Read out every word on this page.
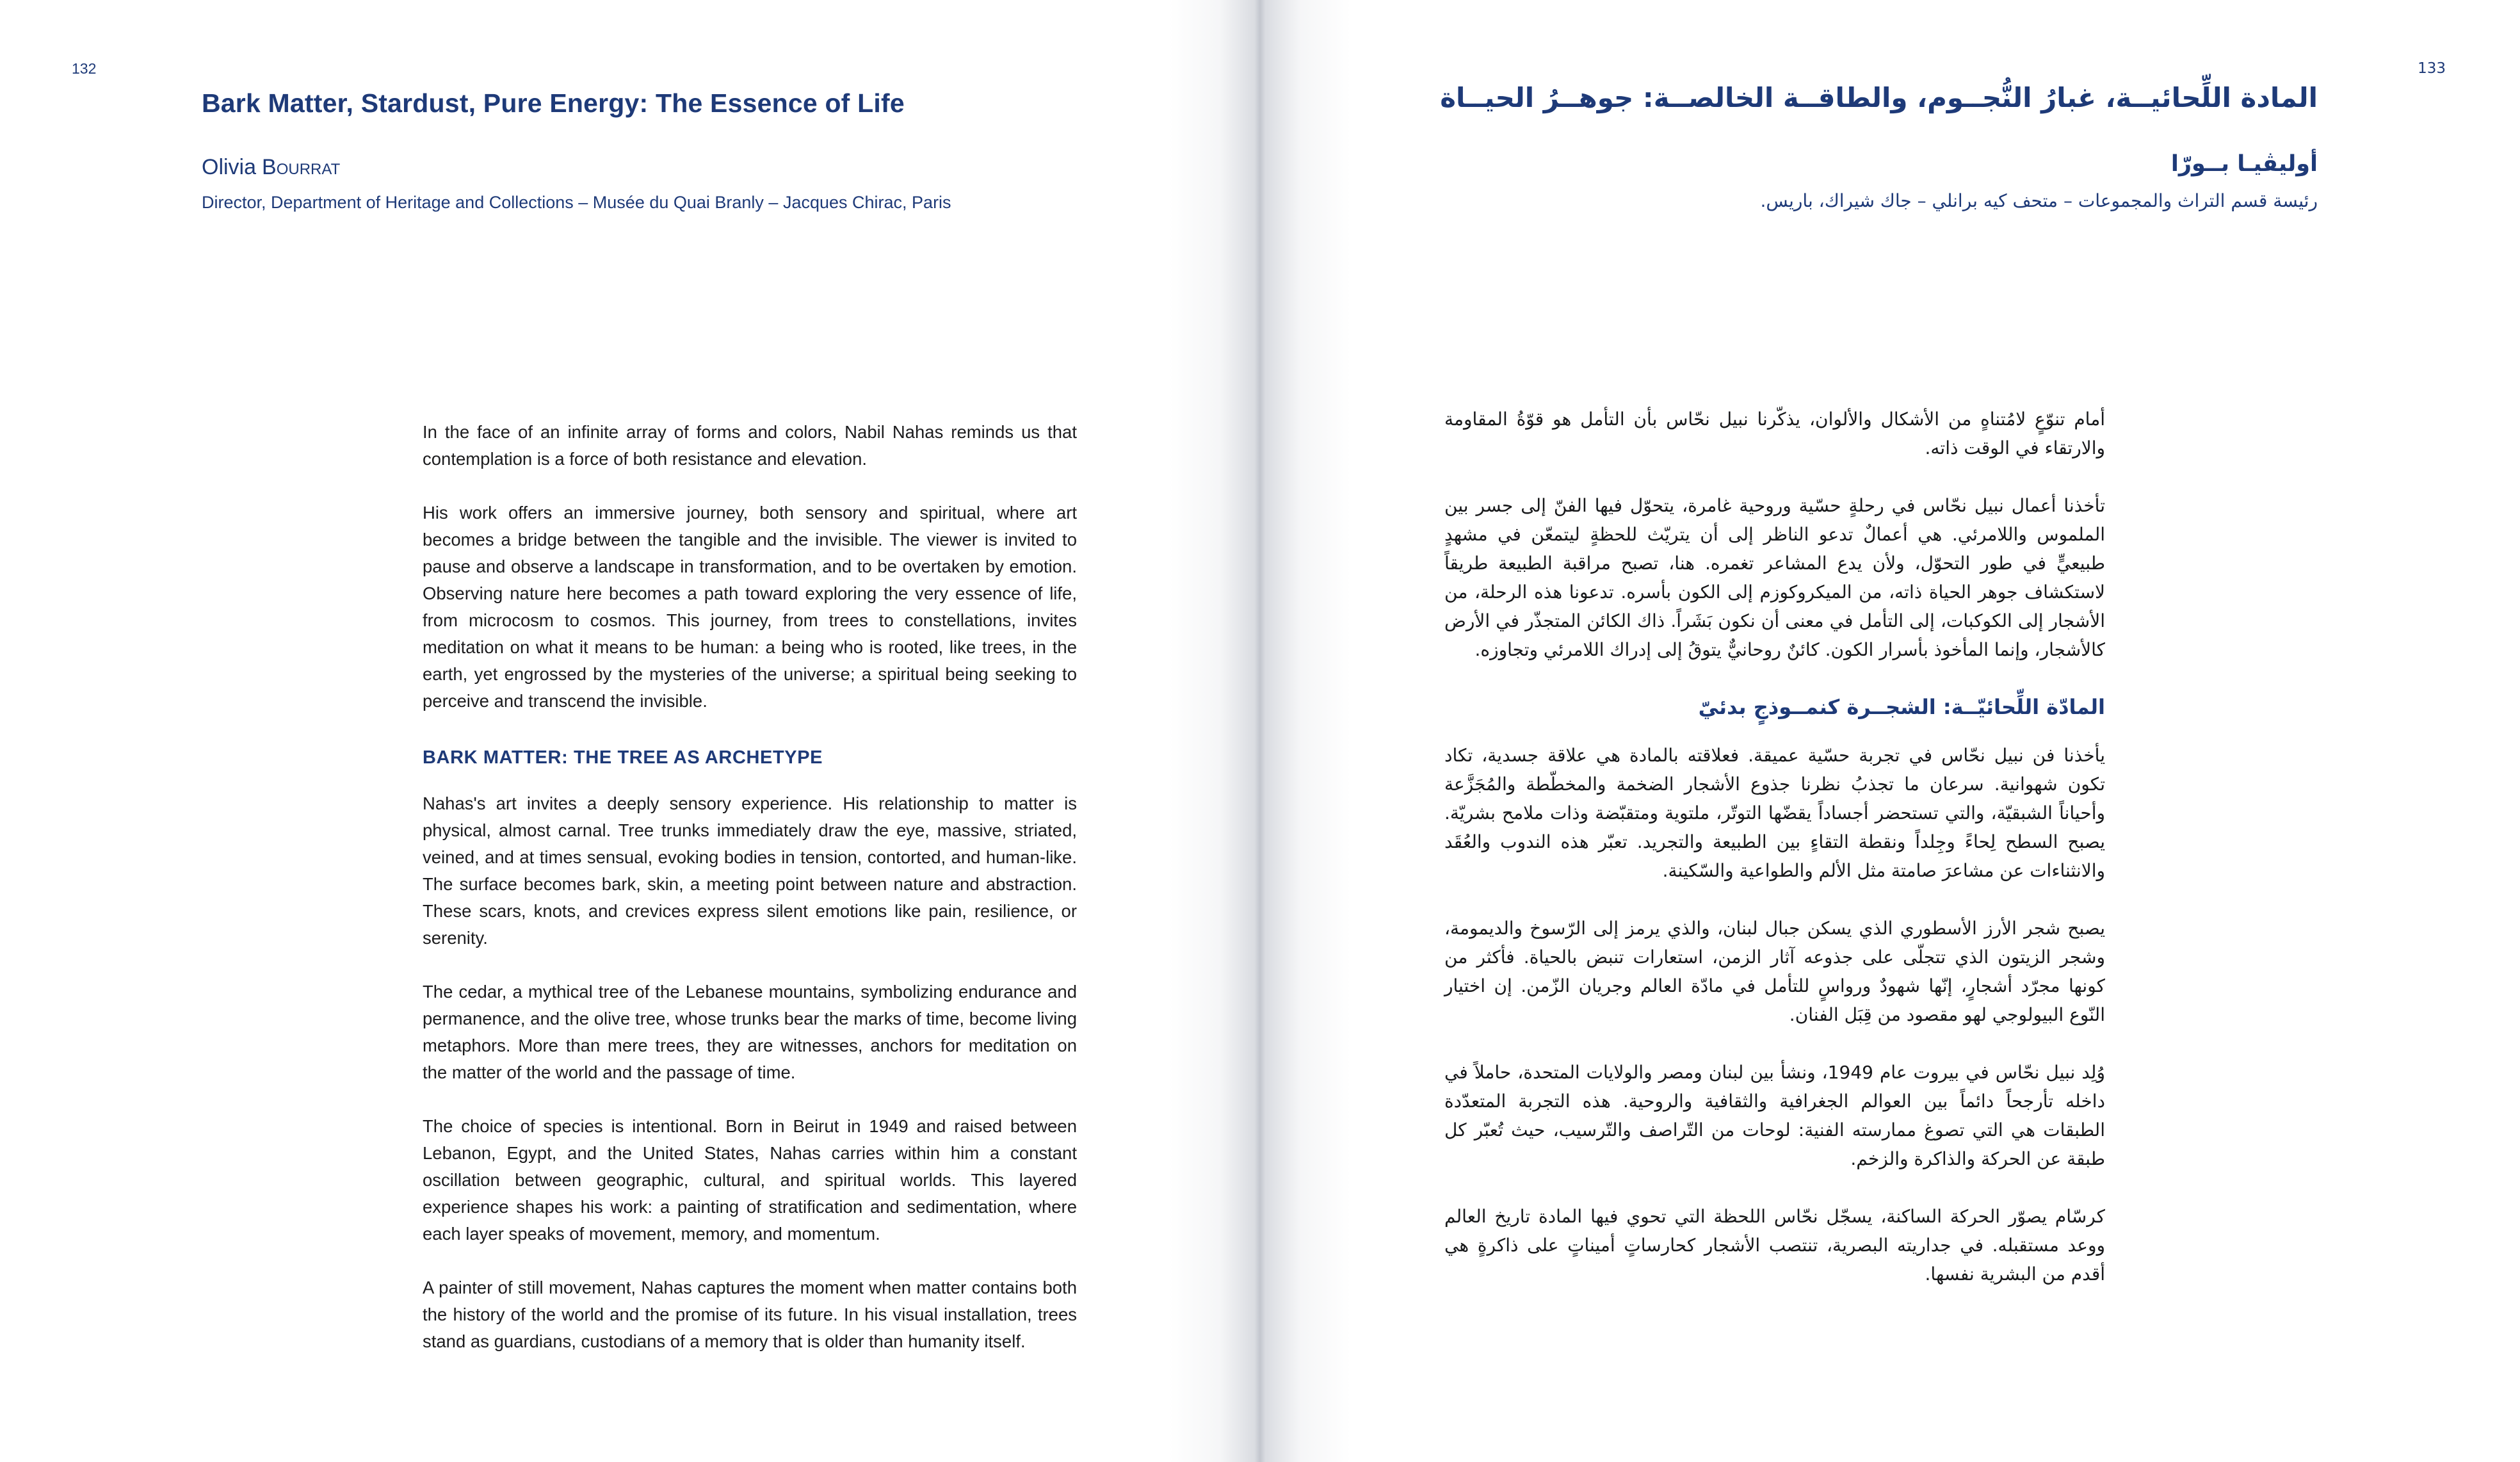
132
Bark Matter, Stardust, Pure Energy: The Essence of Life
Olivia Bourrat
Director, Department of Heritage and Collections – Musée du Quai Branly – Jacques Chirac, Paris

In the face of an infinite array of forms and colors, Nabil Nahas reminds us that contemplation is a force of both resistance and elevation.

His work offers an immersive journey, both sensory and spiritual, where art becomes a bridge between the tangible and the invisible. The viewer is invited to pause and observe a landscape in transformation, and to be overtaken by emotion. Observing nature here becomes a path toward exploring the very essence of life, from microcosm to cosmos. This journey, from trees to constellations, invites meditation on what it means to be human: a being who is rooted, like trees, in the earth, yet engrossed by the mysteries of the universe; a spiritual being seeking to perceive and transcend the invisible.

BARK MATTER: THE TREE AS ARCHETYPE

Nahas's art invites a deeply sensory experience. His relationship to matter is physical, almost carnal. Tree trunks immediately draw the eye, massive, striated, veined, and at times sensual, evoking bodies in tension, contorted, and human-like. The surface becomes bark, skin, a meeting point between nature and abstraction. These scars, knots, and crevices express silent emotions like pain, resilience, or serenity.

The cedar, a mythical tree of the Lebanese mountains, symbolizing endurance and permanence, and the olive tree, whose trunks bear the marks of time, become living metaphors. More than mere trees, they are witnesses, anchors for meditation on the matter of the world and the passage of time.

The choice of species is intentional. Born in Beirut in 1949 and raised between Lebanon, Egypt, and the United States, Nahas carries within him a constant oscillation between geographic, cultural, and spiritual worlds. This layered experience shapes his work: a painting of stratification and sedimentation, where each layer speaks of movement, memory, and momentum.

A painter of still movement, Nahas captures the moment when matter contains both the history of the world and the promise of its future. In his visual installation, trees stand as guardians, custodians of a memory that is older than humanity itself.

133
المادة اللِّحائيــة، غبارُ النُّجــوم، والطاقــة الخالصــة: جوهــرُ الحيــاة
أوليڤيـا بــورّا
رئيسة قسم التراث والمجموعات – متحف كيه برانلي – جاك شيراك، باريس.

أمام تنوّعٍ لامُتناهٍ من الأشكال والألوان، يذكّرنا نبيل نحّاس بأن التأمل هو قوّةُ المقاومة والارتقاء في الوقت ذاته.

تأخذنا أعمال نبيل نحّاس في رحلةٍ حسّية وروحية غامرة، يتحوّل فيها الفنّ إلى جسر بين الملموس واللامرئي. هي أعمالٌ تدعو الناظر إلى أن يتريّث للحظةٍ ليتمعّن في مشهدٍ طبيعيٍّ في طور التحوّل، ولأن يدع المشاعر تغمره. هنا، تصبح مراقبة الطبيعة طريقاً لاستكشاف جوهر الحياة ذاته، من الميكروكوزم إلى الكون بأسره. تدعونا هذه الرحلة، من الأشجار إلى الكوكبات، إلى التأمل في معنى أن نكون بَشَراً. ذاك الكائن المتجذّر في الأرض كالأشجار، وإنما المأخوذ بأسرار الكون. كائنٌ روحانيٌّ يتوقُ إلى إدراك اللامرئي وتجاوزه.

المادّة اللِّحائيّــة: الشجــرة كنمــوذجٍ بدئيّ

يأخذنا فن نبيل نحّاس في تجربة حسّية عميقة. فعلاقته بالمادة هي علاقة جسدية، تكاد تكون شهوانية. سرعان ما تجذبُ نظرنا جذوع الأشجار الضخمة والمخطّطة والمُجَزَّعة وأحياناً الشبقيّة، والتي تستحضر أجساداً يقضّها التوتّر، ملتوية ومتقبّضة وذات ملامح بشريّة. يصبح السطح لِحاءً وجِلداً ونقطة التقاءٍ بين الطبيعة والتجريد. تعبّر هذه الندوب والعُقَد والانثناءات عن مشاعرَ صامتة مثل الألم والطواعية والسّكينة.

يصبح شجر الأرز الأسطوري الذي يسكن جبال لبنان، والذي يرمز إلى الرّسوخ والديمومة، وشجر الزيتون الذي تتجلّى على جذوعه آثار الزمن، استعارات تنبض بالحياة. فأكثر من كونها مجرّد أشجارٍ، إنّها شهودٌ ورواسٍ للتأمل في مادّة العالم وجريان الزّمن. إن اختيار النّوع البيولوجي لهو مقصود من قِبَل الفنان.

وُلِد نبيل نحّاس في بيروت عام 1949، ونشأ بين لبنان ومصر والولايات المتحدة، حاملاً في داخله تأرجحاً دائماً بين العوالم الجغرافية والثقافية والروحية. هذه التجربة المتعدّدة الطبقات هي التي تصوغ ممارسته الفنية: لوحات من التّراصف والتّرسيب، حيث تُعبّر كل طبقة عن الحركة والذاكرة والزخم.

كرسّام يصوّر الحركة الساكنة، يسجّل نحّاس اللحظة التي تحوي فيها المادة تاريخ العالم ووعد مستقبله. في جداريته البصرية، تنتصب الأشجار كحارساتٍ أميناتٍ على ذاكرةٍ هي أقدم من البشرية نفسها.
